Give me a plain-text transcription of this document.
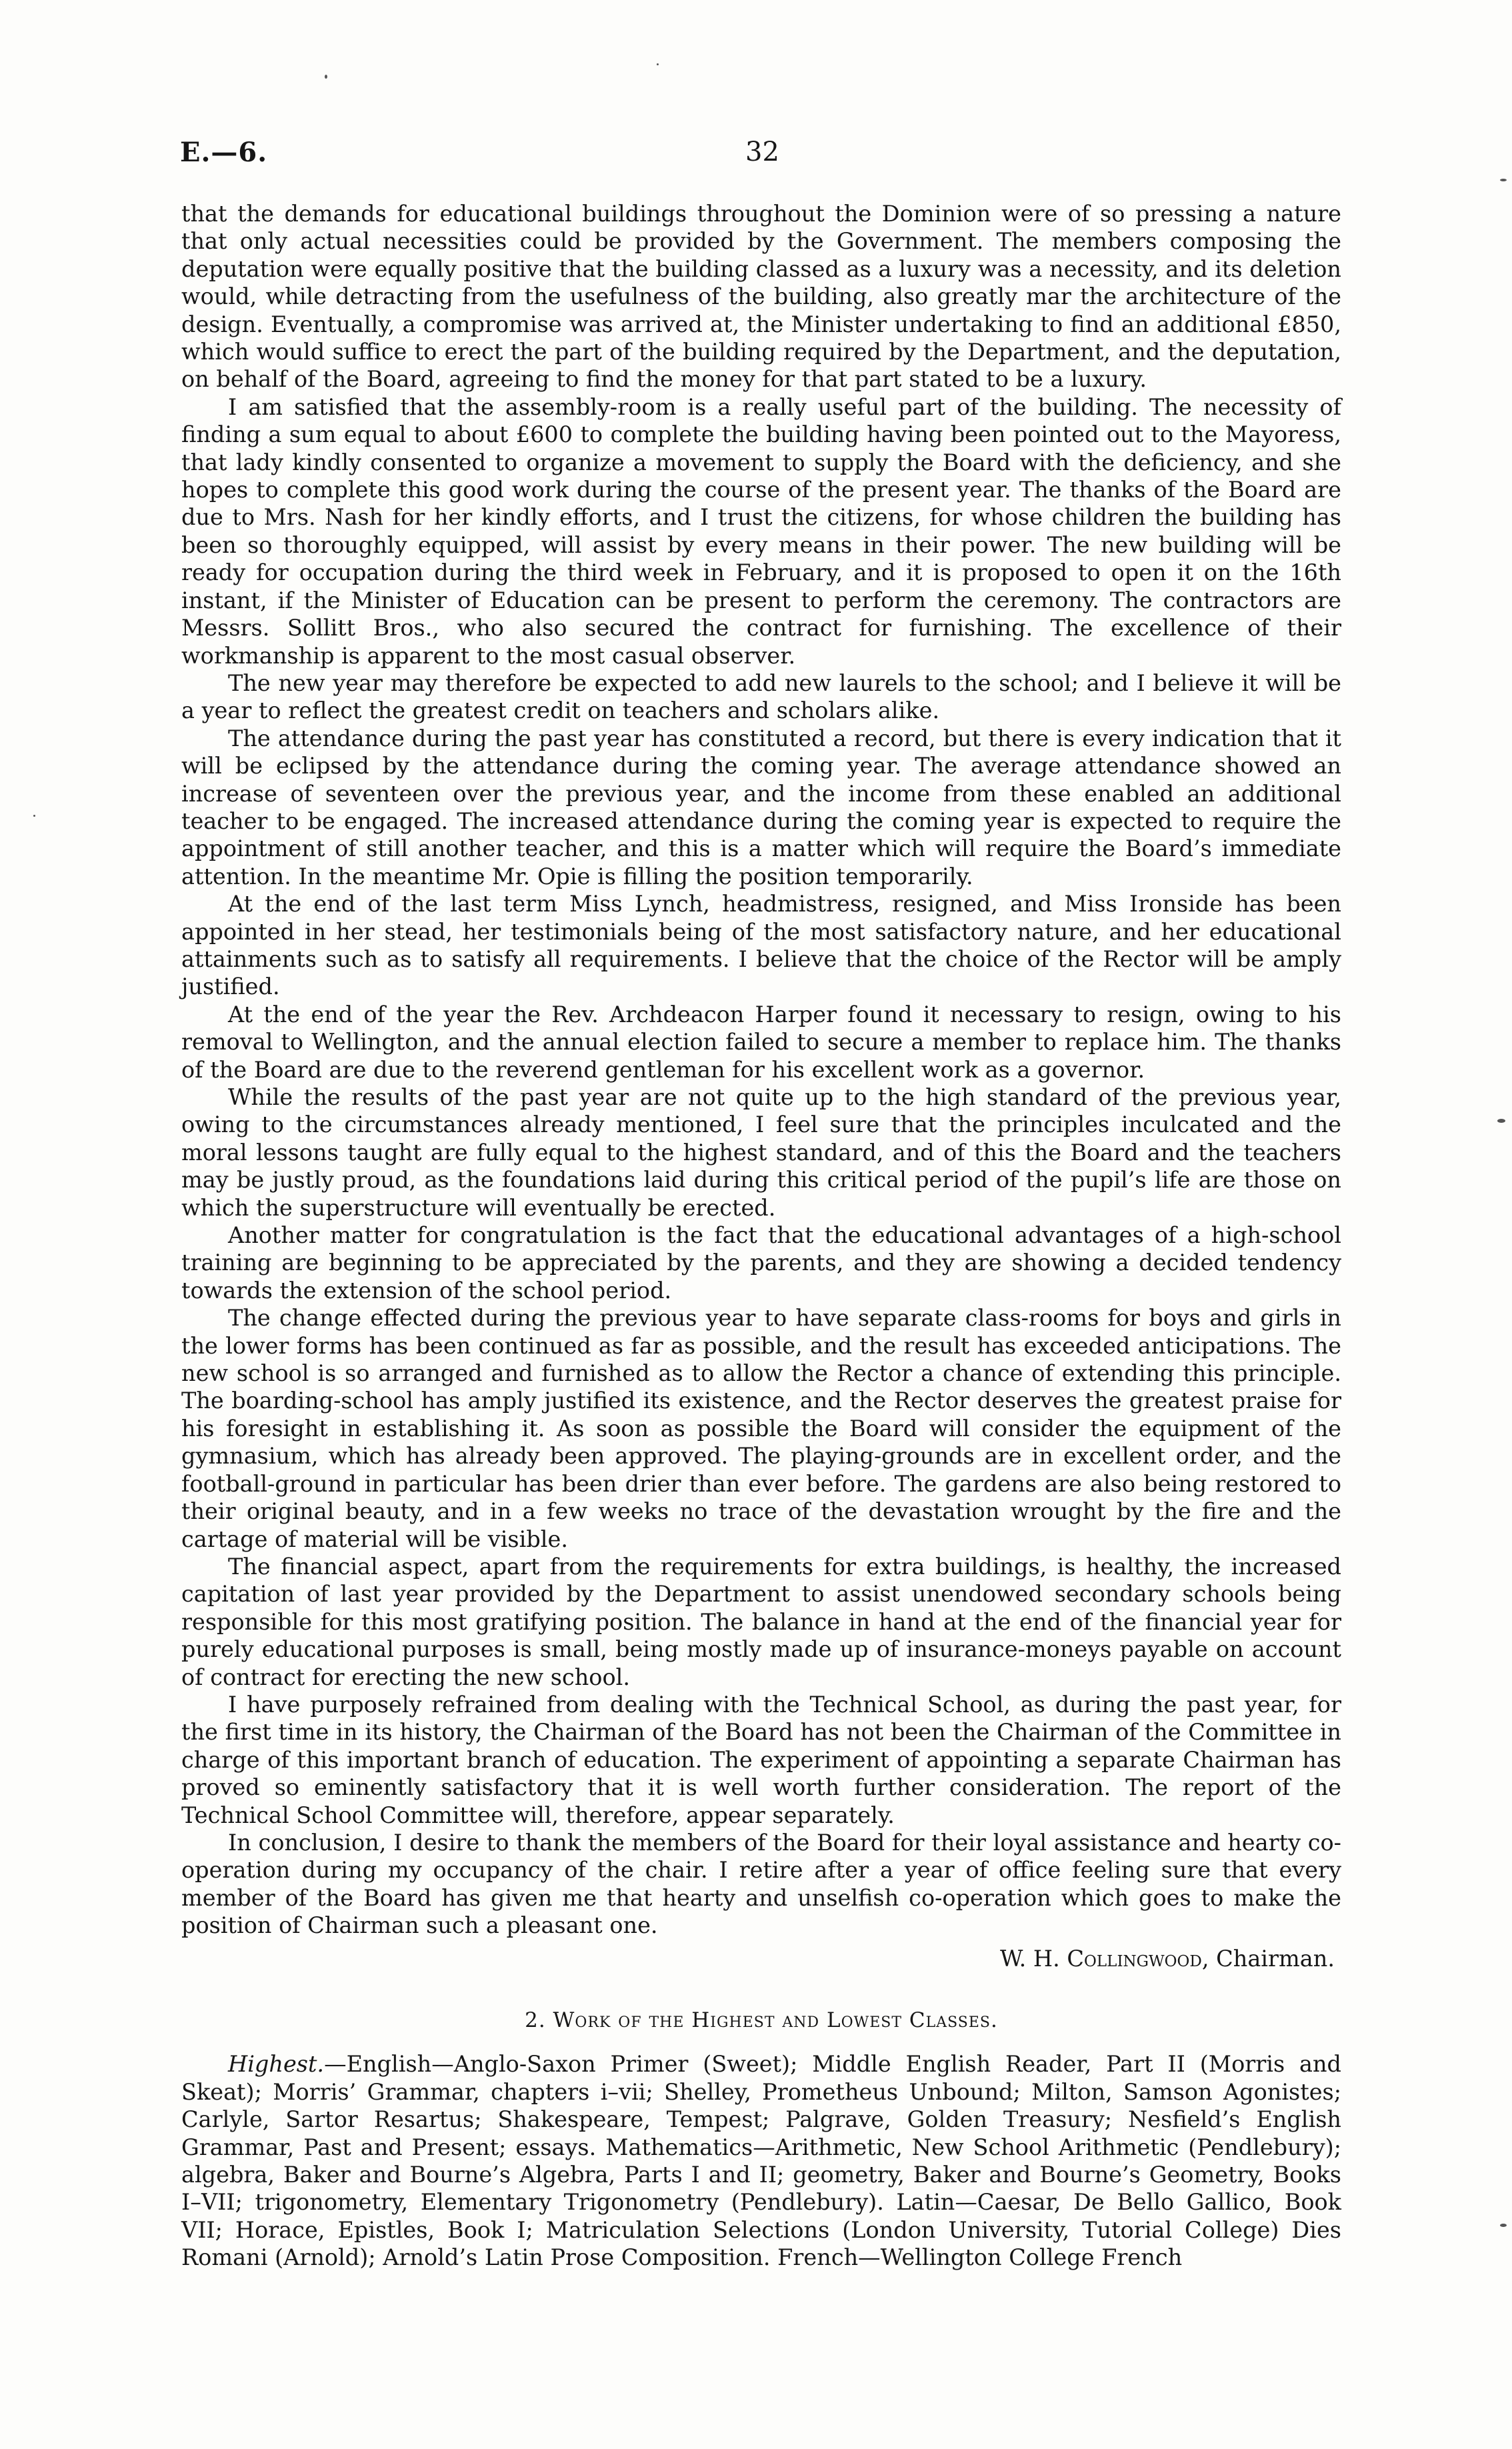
E.—6.	32

that the demands for educational buildings throughout the Dominion were of so pressing a nature that only actual necessities could be provided by the Government. The members composing the deputation were equally positive that the building classed as a luxury was a necessity, and its deletion would, while detracting from the usefulness of the building, also greatly mar the architecture of the design. Eventually, a compromise was arrived at, the Minister undertaking to find an additional £850, which would suffice to erect the part of the building required by the Department, and the deputation, on behalf of the Board, agreeing to find the money for that part stated to be a luxury.

I am satisfied that the assembly-room is a really useful part of the building. The necessity of finding a sum equal to about £600 to complete the building having been pointed out to the Mayoress, that lady kindly consented to organize a movement to supply the Board with the deficiency, and she hopes to complete this good work during the course of the present year. The thanks of the Board are due to Mrs. Nash for her kindly efforts, and I trust the citizens, for whose children the building has been so thoroughly equipped, will assist by every means in their power. The new building will be ready for occupation during the third week in February, and it is proposed to open it on the 16th instant, if the Minister of Education can be present to perform the ceremony. The contractors are Messrs. Sollitt Bros., who also secured the contract for furnishing. The excellence of their workmanship is apparent to the most casual observer.

The new year may therefore be expected to add new laurels to the school; and I believe it will be a year to reflect the greatest credit on teachers and scholars alike.

The attendance during the past year has constituted a record, but there is every indication that it will be eclipsed by the attendance during the coming year. The average attendance showed an increase of seventeen over the previous year, and the income from these enabled an additional teacher to be engaged. The increased attendance during the coming year is expected to require the appointment of still another teacher, and this is a matter which will require the Board’s immediate attention. In the meantime Mr. Opie is filling the position temporarily.

At the end of the last term Miss Lynch, headmistress, resigned, and Miss Ironside has been appointed in her stead, her testimonials being of the most satisfactory nature, and her educational attainments such as to satisfy all requirements. I believe that the choice of the Rector will be amply justified.

At the end of the year the Rev. Archdeacon Harper found it necessary to resign, owing to his removal to Wellington, and the annual election failed to secure a member to replace him. The thanks of the Board are due to the reverend gentleman for his excellent work as a governor.

While the results of the past year are not quite up to the high standard of the previous year, owing to the circumstances already mentioned, I feel sure that the principles inculcated and the moral lessons taught are fully equal to the highest standard, and of this the Board and the teachers may be justly proud, as the foundations laid during this critical period of the pupil’s life are those on which the superstructure will eventually be erected.

Another matter for congratulation is the fact that the educational advantages of a high-school training are beginning to be appreciated by the parents, and they are showing a decided tendency towards the extension of the school period.

The change effected during the previous year to have separate class-rooms for boys and girls in the lower forms has been continued as far as possible, and the result has exceeded anticipations. The new school is so arranged and furnished as to allow the Rector a chance of extending this principle. The boarding-school has amply justified its existence, and the Rector deserves the greatest praise for his foresight in establishing it. As soon as possible the Board will consider the equipment of the gymnasium, which has already been approved. The playing-grounds are in excellent order, and the football-ground in particular has been drier than ever before. The gardens are also being restored to their original beauty, and in a few weeks no trace of the devastation wrought by the fire and the cartage of material will be visible.

The financial aspect, apart from the requirements for extra buildings, is healthy, the increased capitation of last year provided by the Department to assist unendowed secondary schools being responsible for this most gratifying position. The balance in hand at the end of the financial year for purely educational purposes is small, being mostly made up of insurance-moneys payable on account of contract for erecting the new school.

I have purposely refrained from dealing with the Technical School, as during the past year, for the first time in its history, the Chairman of the Board has not been the Chairman of the Committee in charge of this important branch of education. The experiment of appointing a separate Chairman has proved so eminently satisfactory that it is well worth further consideration. The report of the Technical School Committee will, therefore, appear separately.

In conclusion, I desire to thank the members of the Board for their loyal assistance and hearty co-operation during my occupancy of the chair. I retire after a year of office feeling sure that every member of the Board has given me that hearty and unselfish co-operation which goes to make the position of Chairman such a pleasant one.

W. H. Collingwood, Chairman.
2. Work of the Highest and Lowest Classes.

Highest.—English—Anglo-Saxon Primer (Sweet); Middle English Reader, Part II (Morris and Skeat); Morris’ Grammar, chapters i–vii; Shelley, Prometheus Unbound; Milton, Samson Agonistes; Carlyle, Sartor Resartus; Shakespeare, Tempest; Palgrave, Golden Treasury; Nesfield’s English Grammar, Past and Present; essays. Mathematics—Arithmetic, New School Arithmetic (Pendlebury); algebra, Baker and Bourne’s Algebra, Parts I and II; geometry, Baker and Bourne’s Geometry, Books I–VII; trigonometry, Elementary Trigonometry (Pendlebury). Latin—Caesar, De Bello Gallico, Book VII; Horace, Epistles, Book I; Matriculation Selections (London University, Tutorial College) Dies Romani (Arnold); Arnold’s Latin Prose Composition. French—Wellington College French
